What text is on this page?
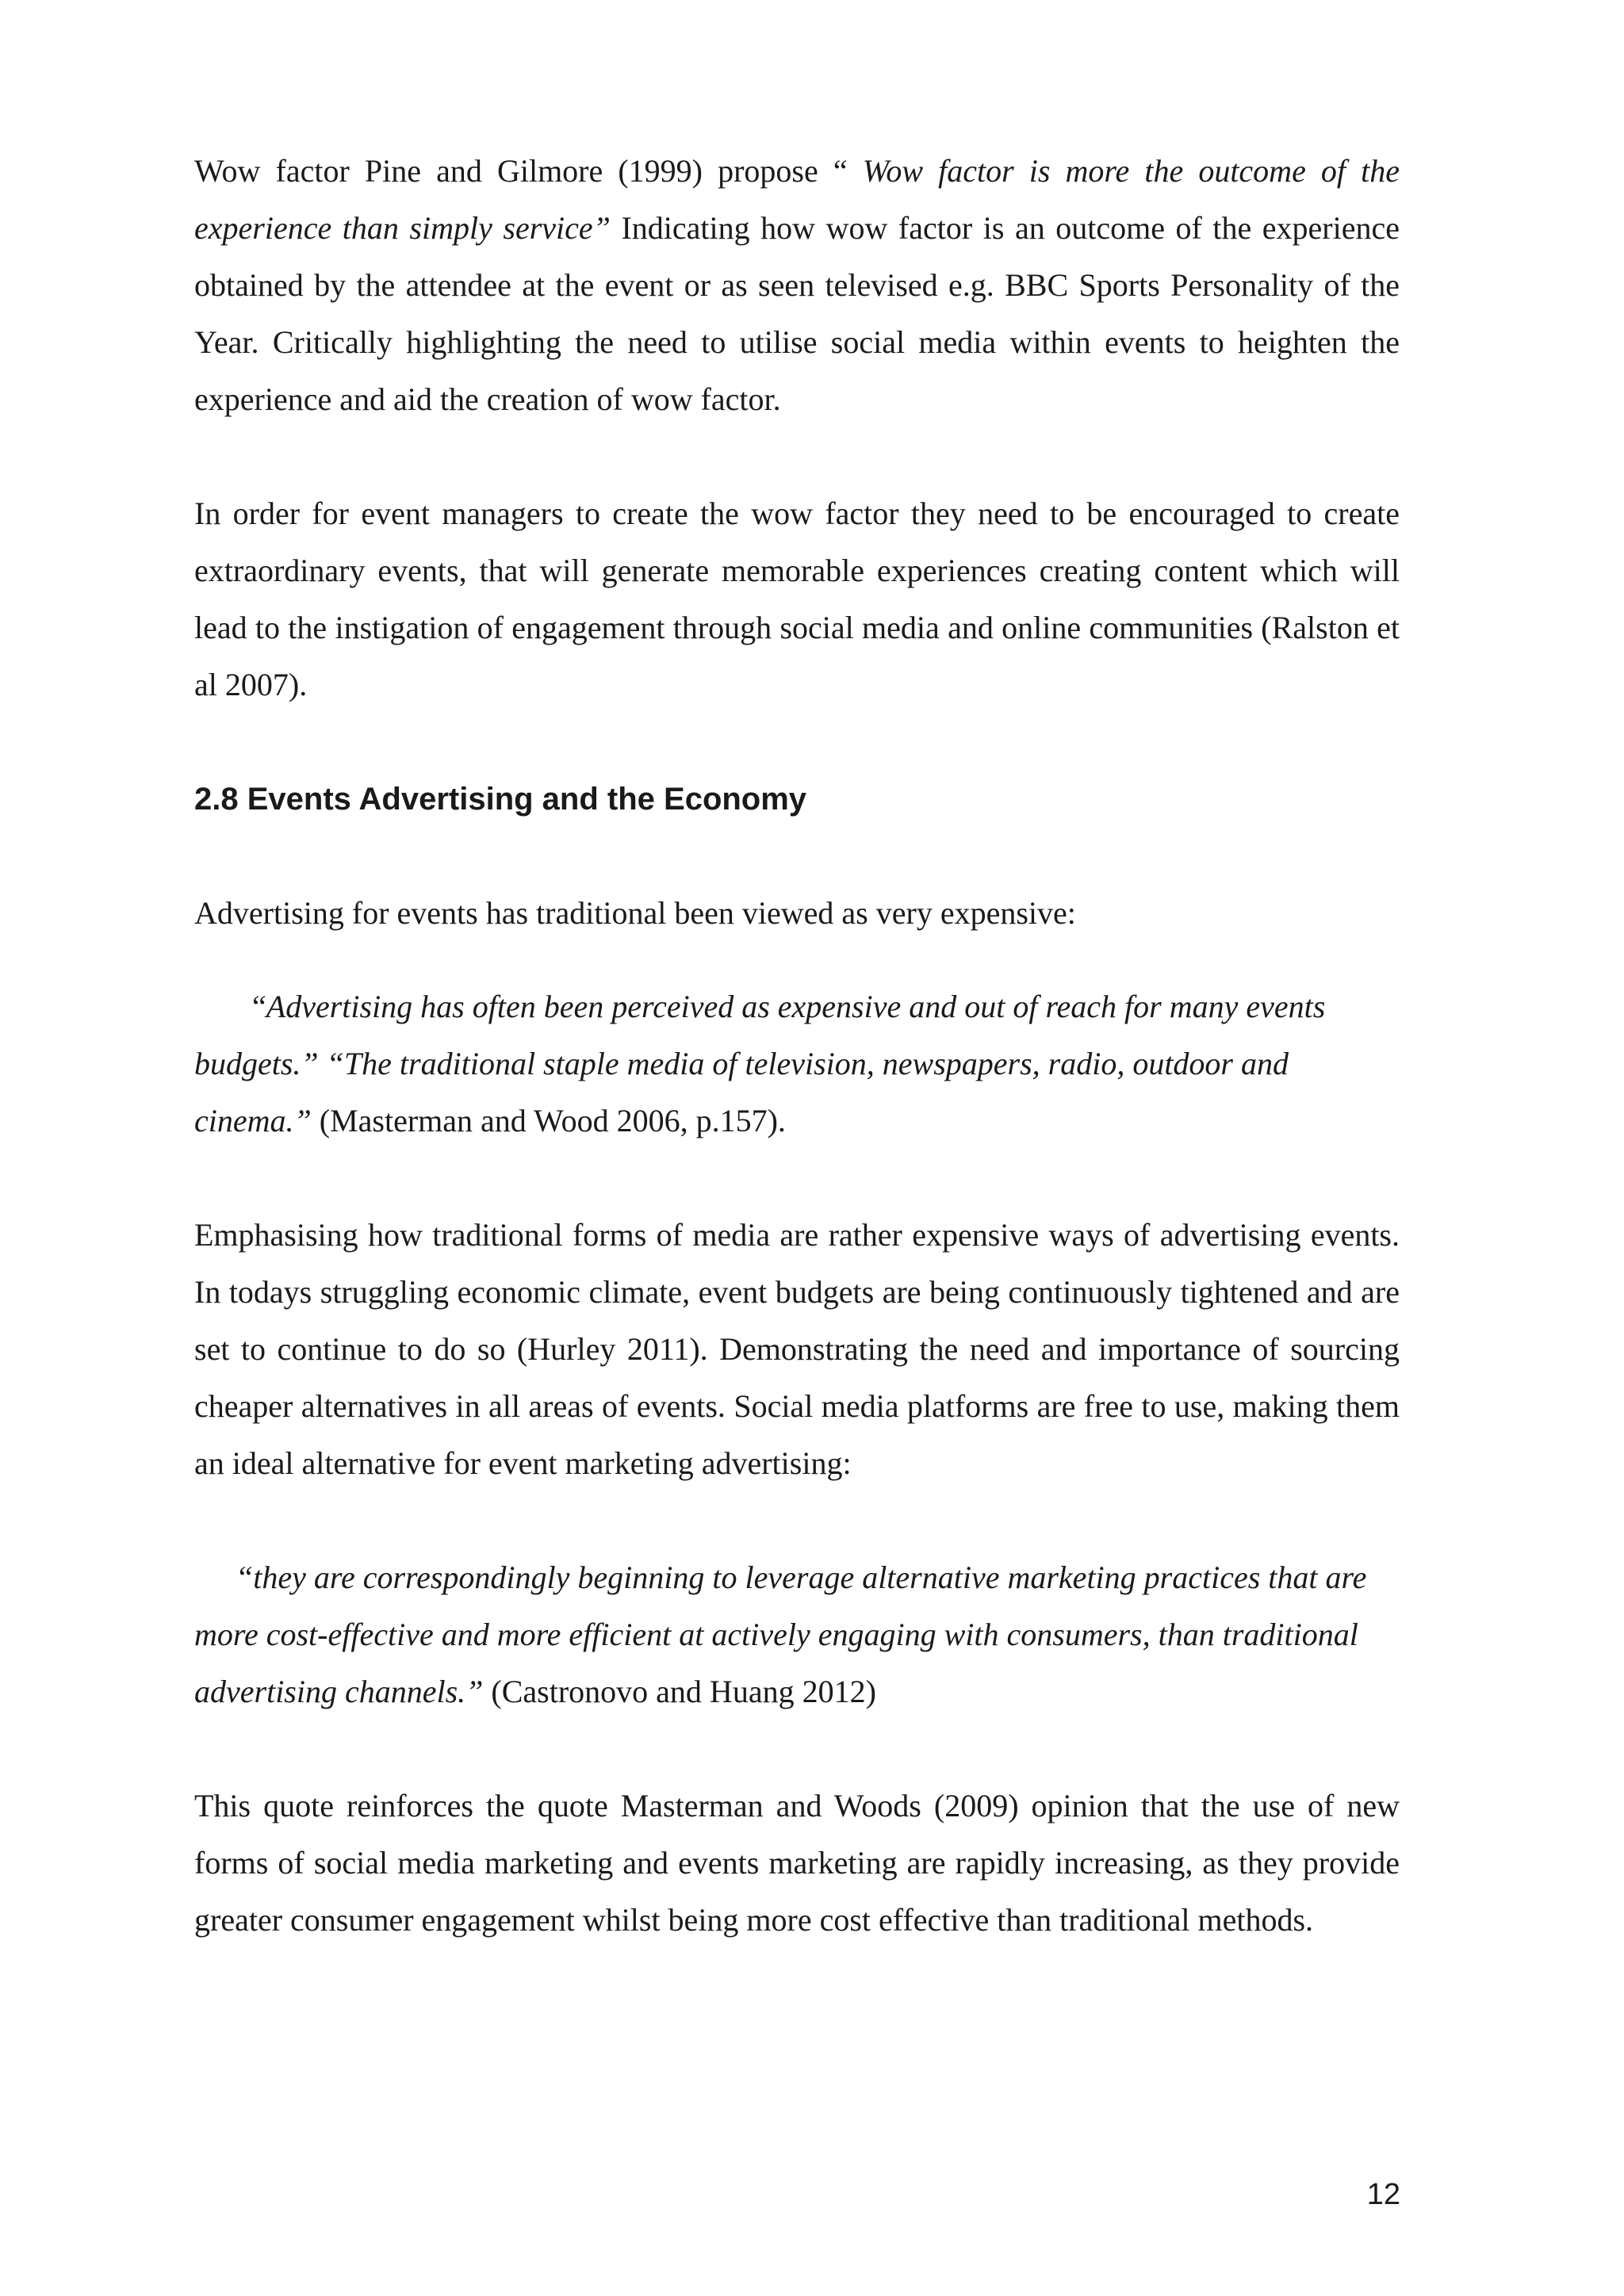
Wow factor Pine and Gilmore (1999) propose “ Wow factor is more the outcome of the experience than simply service” Indicating how wow factor is an outcome of the experience obtained by the attendee at the event or as seen televised e.g. BBC Sports Personality of the Year. Critically highlighting the need to utilise social media within events to heighten the experience and aid the creation of wow factor.

In order for event managers to create the wow factor they need to be encouraged to create extraordinary events, that will generate memorable experiences creating content which will lead to the instigation of engagement through social media and online communities (Ralston et al 2007).

2.8 Events Advertising and the Economy

Advertising for events has traditional been viewed as very expensive:

“Advertising has often been perceived as expensive and out of reach for many events budgets.” “The traditional staple media of television, newspapers, radio, outdoor and cinema.” (Masterman and Wood 2006, p.157).

Emphasising how traditional forms of media are rather expensive ways of advertising events. In todays struggling economic climate, event budgets are being continuously tightened and are set to continue to do so (Hurley 2011). Demonstrating the need and importance of sourcing cheaper alternatives in all areas of events. Social media platforms are free to use, making them an ideal alternative for event marketing advertising:

“they are correspondingly beginning to leverage alternative marketing practices that are more cost-effective and more efficient at actively engaging with consumers, than traditional advertising channels.” (Castronovo and Huang 2012)

This quote reinforces the quote Masterman and Woods (2009) opinion that the use of new forms of social media marketing and events marketing are rapidly increasing, as they provide greater consumer engagement whilst being more cost effective than traditional methods.

12
